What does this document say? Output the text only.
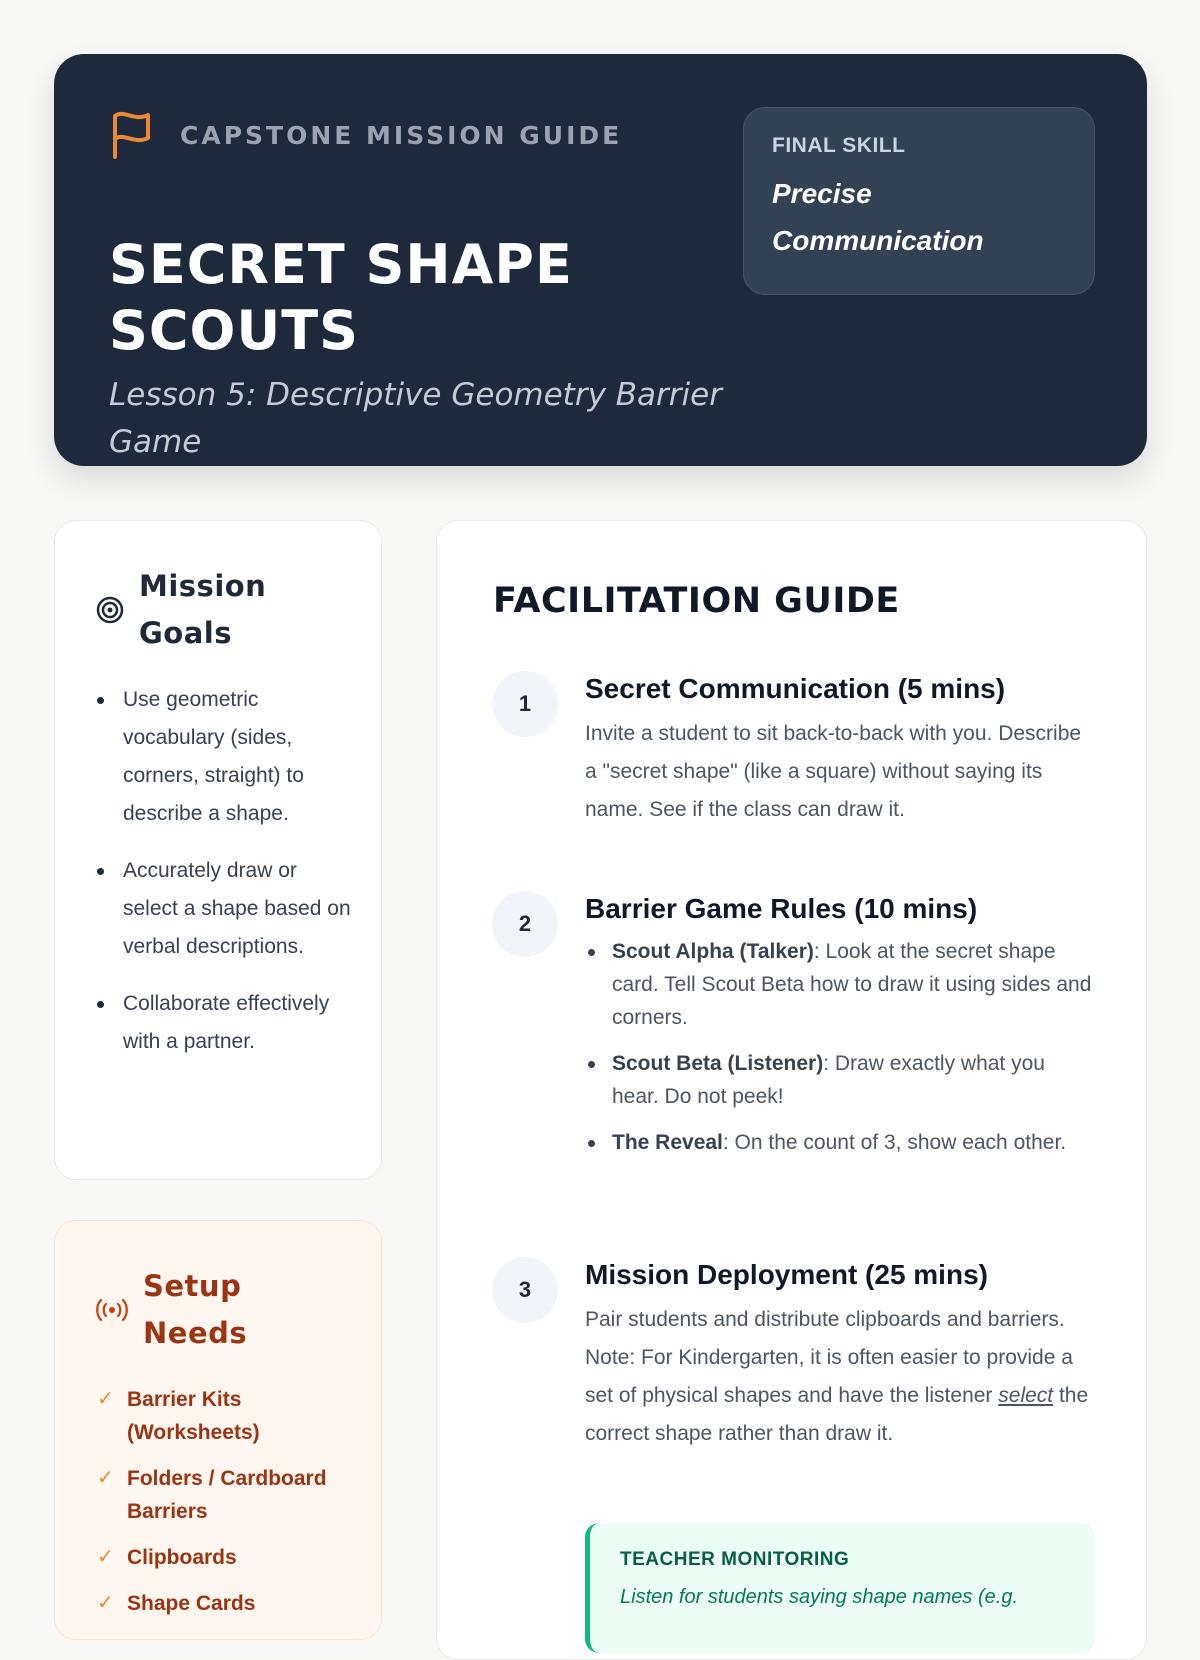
CAPSTONE MISSION GUIDE
SECRET SHAPE SCOUTS
Lesson 5: Descriptive Geometry Barrier Game
FINAL SKILL
Precise Communication
Mission Goals
Use geometric vocabulary (sides, corners, straight) to describe a shape.
Accurately draw or select a shape based on verbal descriptions.
Collaborate effectively with a partner.
Setup Needs
✓ Barrier Kits (Worksheets)
✓ Folders / Cardboard Barriers
✓ Clipboards
✓ Shape Cards
FACILITATION GUIDE
1	Secret Communication (5 mins)
Invite a student to sit back-to-back with you. Describe a "secret shape" (like a square) without saying its name. See if the class can draw it.
2	Barrier Game Rules (10 mins)
Scout Alpha (Talker): Look at the secret shape card. Tell Scout Beta how to draw it using sides and corners.
Scout Beta (Listener): Draw exactly what you hear. Do not peek!
The Reveal: On the count of 3, show each other.
3	Mission Deployment (25 mins)
Pair students and distribute clipboards and barriers. Note: For Kindergarten, it is often easier to provide a set of physical shapes and have the listener select the correct shape rather than draw it.
TEACHER MONITORING
Listen for students saying shape names (e.g.
